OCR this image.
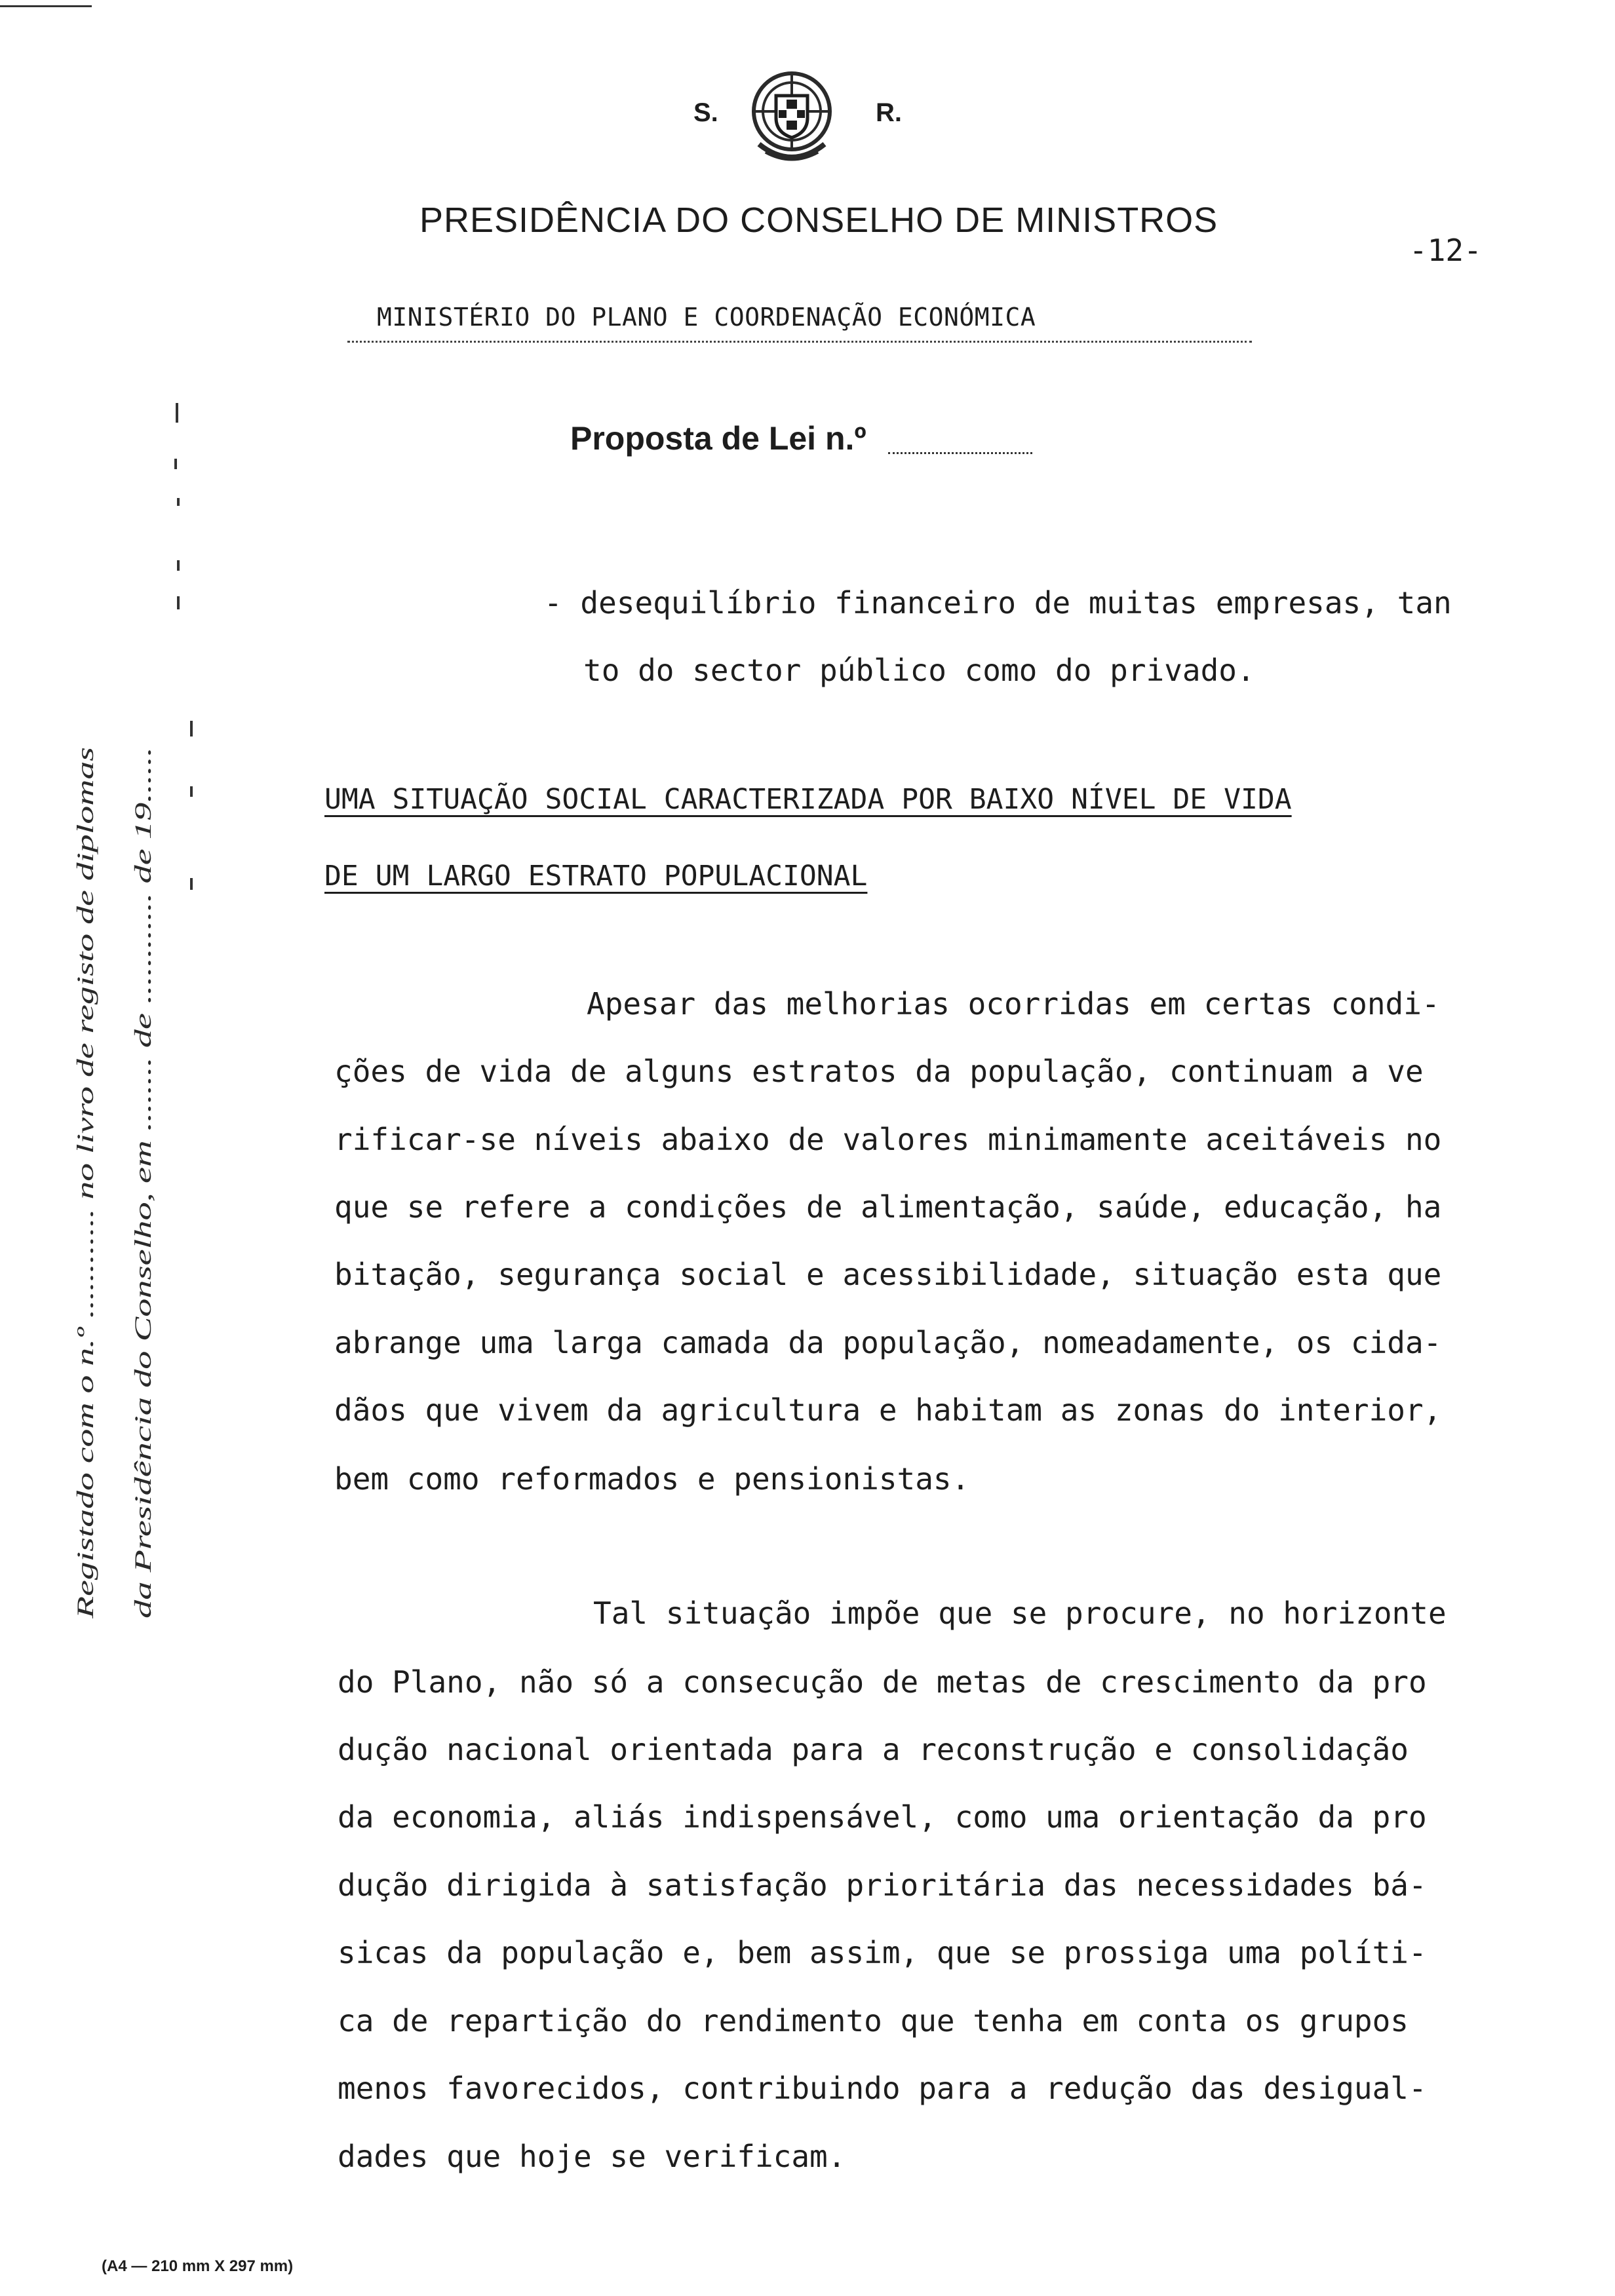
S.	R.
PRESIDÊNCIA DO CONSELHO DE MINISTROS
-12-
MINISTÉRIO DO PLANO E COORDENAÇÃO ECONÓMICA
Proposta de Lei n.º
- desequilíbrio financeiro de muitas empresas, tan
to do sector público como do privado.
UMA SITUAÇÃO SOCIAL CARACTERIZADA POR BAIXO NÍVEL DE VIDA
DE UM LARGO ESTRATO POPULACIONAL
Apesar das melhorias ocorridas em certas condi-
ções de vida de alguns estratos da população, continuam a ve
rificar-se níveis abaixo de valores minimamente aceitáveis no
que se refere a condições de alimentação, saúde, educação, ha
bitação, segurança social e acessibilidade, situação esta que
abrange uma larga camada da população, nomeadamente, os cida-
dãos que vivem da agricultura e habitam as zonas do interior,
bem como reformados e pensionistas.
Tal situação impõe que se procure, no horizonte
do Plano, não só a consecução de metas de crescimento da pro
dução nacional orientada para a reconstrução e consolidação
da economia, aliás indispensável, como uma orientação da pro
dução dirigida à satisfação prioritária das necessidades bá-
sicas da população e, bem assim, que se prossiga uma políti-
ca de repartição do rendimento que tenha em conta os grupos
menos favorecidos, contribuindo para a redução das desigual-
dades que hoje se verificam.
Registado com o n.º ............ no livro de registo de diplomas da Presidência do Conselho, em ........ de ............ de 19......
(A4 — 210 mm X 297 mm)
